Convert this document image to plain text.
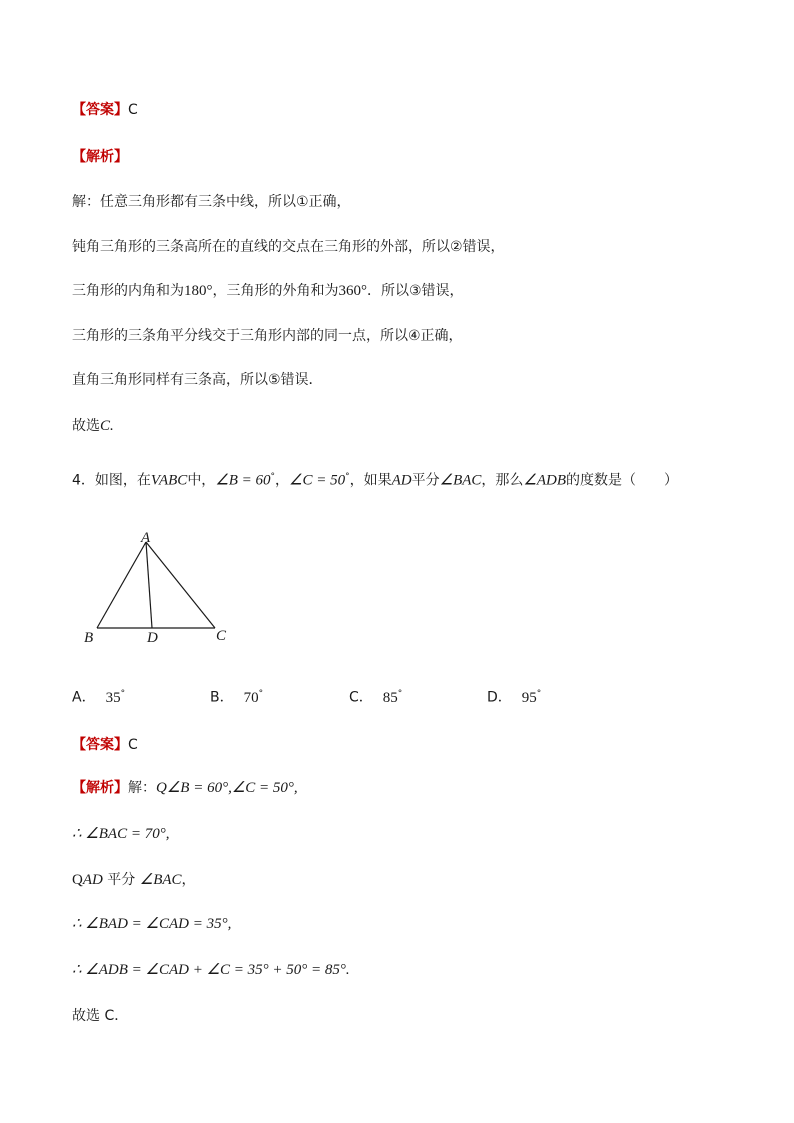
【答案】C
【解析】
解：任意三角形都有三条中线，所以①正确，
钝角三角形的三条高所在的直线的交点在三角形的外部，所以②错误，
三角形的内角和为180°，三角形的外角和为360°．所以③错误，
三角形的三条角平分线交于三角形内部的同一点，所以④正确，
直角三角形同样有三条高，所以⑤错误．
故选C.
4．如图，在VABC中，∠B = 60°，∠C = 50°，如果AD平分∠BAC，那么∠ADB的度数是（　　）
A
B	D	C
A． 35°	B． 70°	C． 85°	D． 95°
【答案】C
【解析】解：Q∠B = 60°,∠C = 50°,
∴ ∠BAC = 70°,
QAD 平分 ∠BAC，
∴ ∠BAD = ∠CAD = 35°,
∴ ∠ADB = ∠CAD + ∠C = 35° + 50° = 85°.
故选 C．
